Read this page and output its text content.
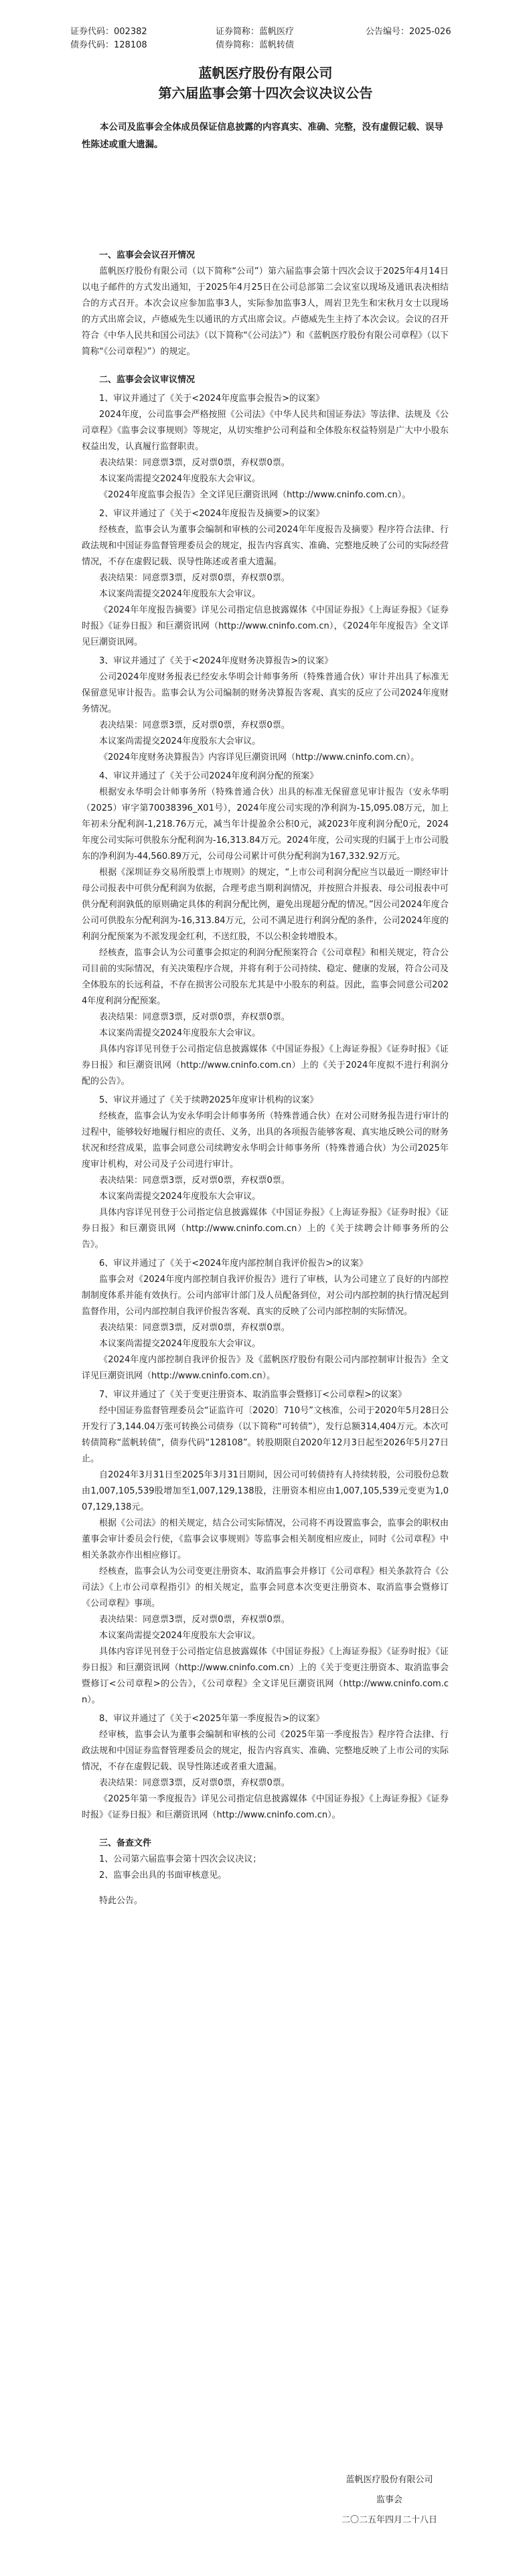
证券代码：002382	证券简称：蓝帆医疗	公告编号：2025-026
债券代码：128108	债券简称：蓝帆转债
蓝帆医疗股份有限公司
第六届监事会第十四次会议决议公告
本公司及监事会全体成员保证信息披露的内容真实、准确、完整，没有虚假记载、误导性陈述或重大遗漏。

一、监事会会议召开情况

蓝帆医疗股份有限公司（以下简称“公司”）第六届监事会第十四次会议于2025年4月14日以电子邮件的方式发出通知，于2025年4月25日在公司总部第二会议室以现场及通讯表决相结合的方式召开。本次会议应参加监事3人，实际参加监事3人，周岩卫先生和宋秋月女士以现场的方式出席会议，卢德威先生以通讯的方式出席会议。卢德威先生主持了本次会议。会议的召开符合《中华人民共和国公司法》（以下简称“《公司法》”）和《蓝帆医疗股份有限公司章程》（以下简称“《公司章程》”）的规定。

二、监事会会议审议情况

1、审议并通过了《关于<2024年度监事会报告>的议案》

2024年度，公司监事会严格按照《公司法》《中华人民共和国证券法》等法律、法规及《公司章程》《监事会议事规则》等规定，从切实维护公司利益和全体股东权益特别是广大中小股东权益出发，认真履行监督职责。

表决结果：同意票3票，反对票0票，弃权票0票。

本议案尚需提交2024年度股东大会审议。

《2024年度监事会报告》全文详见巨潮资讯网（http://www.cninfo.com.cn）。

2、审议并通过了《关于<2024年度报告及摘要>的议案》

经核查，监事会认为董事会编制和审核的公司2024年年度报告及摘要》程序符合法律、行政法规和中国证券监督管理委员会的规定，报告内容真实、准确、完整地反映了公司的实际经营情况，不存在虚假记载、误导性陈述或者重大遗漏。

表决结果：同意票3票，反对票0票，弃权票0票。

本议案尚需提交2024年度股东大会审议。

《2024年年度报告摘要》详见公司指定信息披露媒体《中国证券报》《上海证券报》《证券时报》《证券日报》和巨潮资讯网（http://www.cninfo.com.cn），《2024年年度报告》全文详见巨潮资讯网。

3、审议并通过了《关于<2024年度财务决算报告>的议案》

公司2024年度财务报表已经安永华明会计师事务所（特殊普通合伙）审计并出具了标准无保留意见审计报告。监事会认为公司编制的财务决算报告客观、真实的反应了公司2024年度财务情况。

表决结果：同意票3票，反对票0票，弃权票0票。

本议案尚需提交2024年度股东大会审议。

《2024年度财务决算报告》内容详见巨潮资讯网（http://www.cninfo.com.cn）。

4、审议并通过了《关于公司2024年度利润分配的预案》

根据安永华明会计师事务所（特殊普通合伙）出具的标准无保留意见审计报告（安永华明（2025）审字第70038396_X01号），2024年度公司实现的净利润为-15,095.08万元，加上年初未分配利润-1,218.76万元，减当年计提盈余公积0元，减2023年度利润分配0元，2024年度公司实际可供股东分配利润为-16,313.84万元。2024年度，公司实现的归属于上市公司股东的净利润为-44,560.89万元，公司母公司累计可供分配利润为167,332.92万元。

根据《深圳证券交易所股票上市规则》的规定，“上市公司利润分配应当以最近一期经审计母公司报表中可供分配利润为依据，合理考虑当期利润情况，并按照合并报表、母公司报表中可供分配利润孰低的原则确定具体的利润分配比例，避免出现超分配的情况。”因公司2024年度合公司可供股东分配利润为-16,313.84万元，公司不满足进行利润分配的条件，公司2024年度的利润分配预案为不派发现金红利，不送红股，不以公积金转增股本。

经核查，监事会认为公司董事会拟定的利润分配预案符合《公司章程》和相关规定，符合公司目前的实际情况，有关决策程序合规，并将有利于公司持续、稳定、健康的发展，符合公司及全体股东的长远利益，不存在损害公司股东尤其是中小股东的利益。因此，监事会同意公司2024年度利润分配预案。

表决结果：同意票3票，反对票0票，弃权票0票。

本议案尚需提交2024年度股东大会审议。

具体内容详见刊登于公司指定信息披露媒体《中国证券报》《上海证券报》《证券时报》《证券日报》和巨潮资讯网（http://www.cninfo.com.cn）上的《关于2024年度拟不进行利润分配的公告》。

5、审议并通过了《关于续聘2025年度审计机构的议案》

经核查，监事会认为安永华明会计师事务所（特殊普通合伙）在对公司财务报告进行审计的过程中，能够较好地履行相应的责任、义务，出具的各项报告能够客观、真实地反映公司的财务状况和经营成果，监事会同意公司续聘安永华明会计师事务所（特殊普通合伙）为公司2025年度审计机构，对公司及子公司进行审计。

表决结果：同意票3票，反对票0票，弃权票0票。

本议案尚需提交2024年度股东大会审议。

具体内容详见刊登于公司指定信息披露媒体《中国证券报》《上海证券报》《证券时报》《证券日报》和巨潮资讯网（http://www.cninfo.com.cn）上的《关于续聘会计师事务所的公告》。

6、审议并通过了《关于<2024年度内部控制自我评价报告>的议案》

监事会对《2024年度内部控制自我评价报告》进行了审核，认为公司建立了良好的内部控制制度体系并能有效执行。公司内部审计部门及人员配备到位，对公司内部控制的执行情况起到监督作用，公司内部控制自我评价报告客观、真实的反映了公司内部控制的实际情况。

表决结果：同意票3票，反对票0票，弃权票0票。

本议案尚需提交2024年度股东大会审议。

《2024年度内部控制自我评价报告》及《蓝帆医疗股份有限公司内部控制审计报告》全文详见巨潮资讯网（http://www.cninfo.com.cn）。

7、审议并通过了《关于变更注册资本、取消监事会暨修订<公司章程>的议案》

经中国证券监督管理委员会“证监许可〔2020〕710号”文核准，公司于2020年5月28日公开发行了3,144.04万张可转换公司债券（以下简称“可转债”），发行总额314,404万元。本次可转债简称“蓝帆转债”，债券代码“128108”。转股期限自2020年12月3日起至2026年5月27日止。

自2024年3月31日至2025年3月31日期间，因公司可转债持有人持续转股，公司股份总数由1,007,105,539股增加至1,007,129,138股，注册资本相应由1,007,105,539元变更为1,007,129,138元。

根据《公司法》的相关规定，结合公司实际情况，公司将不再设置监事会，监事会的职权由董事会审计委员会行使，《监事会议事规则》等监事会相关制度相应废止，同时《公司章程》中相关条款亦作出相应修订。

经核查，监事会认为公司变更注册资本、取消监事会并修订《公司章程》相关条款符合《公司法》《上市公司章程指引》的相关规定，监事会同意本次变更注册资本、取消监事会暨修订《公司章程》事项。

表决结果：同意票3票，反对票0票，弃权票0票。

本议案尚需提交2024年度股东大会审议。

具体内容详见刊登于公司指定信息披露媒体《中国证券报》《上海证券报》《证券时报》《证券日报》和巨潮资讯网（http://www.cninfo.com.cn）上的《关于变更注册资本、取消监事会暨修订<公司章程>的公告》，《公司章程》全文详见巨潮资讯网（http://www.cninfo.com.cn）。

8、审议并通过了《关于<2025年第一季度报告>的议案》

经审核，监事会认为董事会编制和审核的公司《2025年第一季度报告》程序符合法律、行政法规和中国证券监督管理委员会的规定，报告内容真实、准确、完整地反映了上市公司的实际情况，不存在虚假记载、误导性陈述或者重大遗漏。

表决结果：同意票3票，反对票0票，弃权票0票。

《2025年第一季度报告》详见公司指定信息披露媒体《中国证券报》《上海证券报》《证券时报》《证券日报》和巨潮资讯网（http://www.cninfo.com.cn）。

三、备查文件

1、公司第六届监事会第十四次会议决议；

2、监事会出具的书面审核意见。

特此公告。

蓝帆医疗股份有限公司
监事会
二〇二五年四月二十八日
